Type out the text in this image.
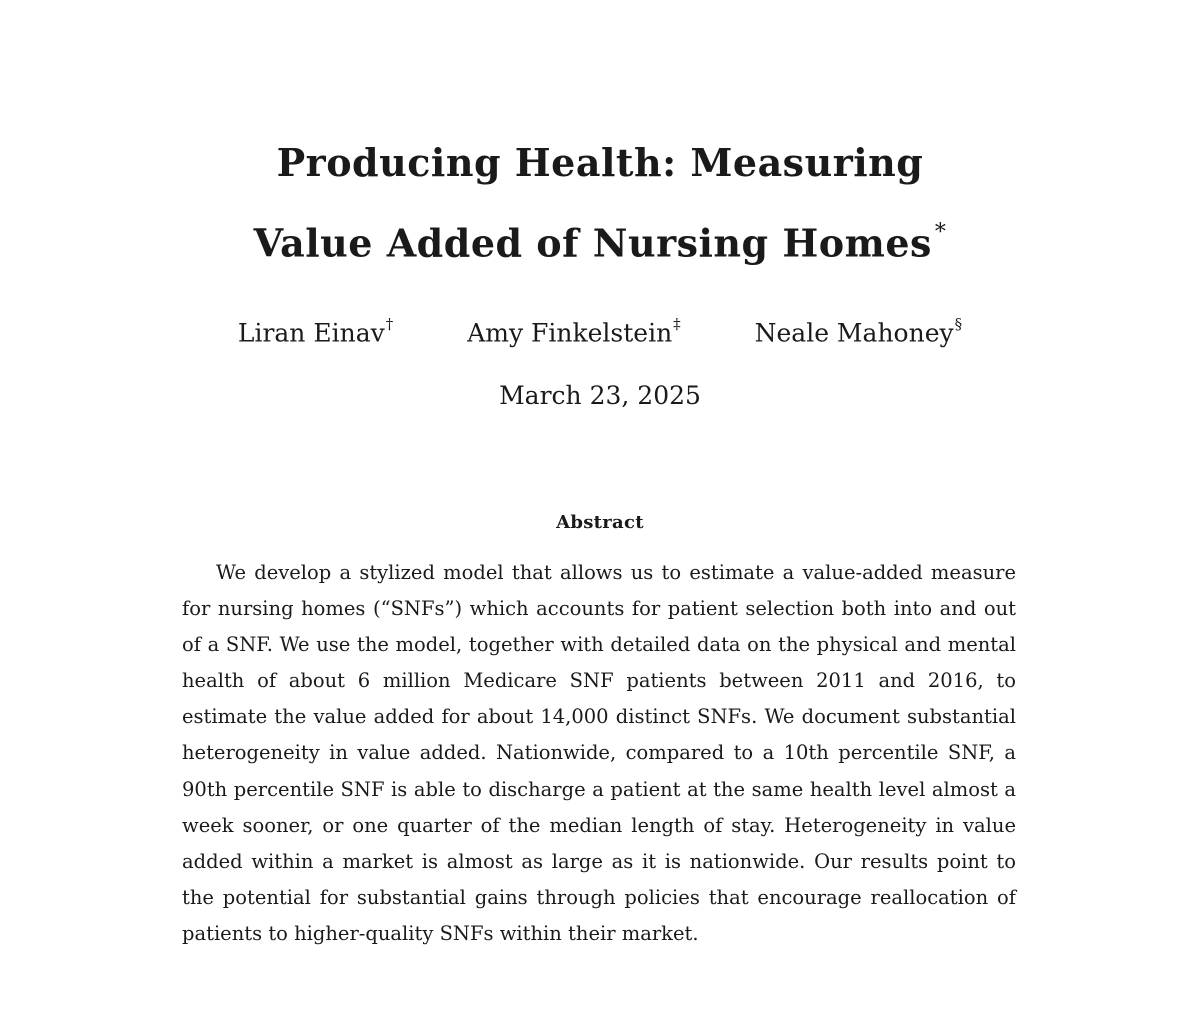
Producing Health: Measuring
Value Added of Nursing Homes *
Liran Einav†	Amy Finkelstein‡	Neale Mahoney§
March 23, 2025
Abstract

We develop a stylized model that allows us to estimate a value-added measure for nursing homes (“SNFs”) which accounts for patient selection both into and out of a SNF. We use the model, together with detailed data on the physical and mental health of about 6 million Medicare SNF patients between 2011 and 2016, to estimate the value added for about 14,000 distinct SNFs. We document substantial heterogeneity in value added. Nationwide, compared to a 10th percentile SNF, a 90th percentile SNF is able to discharge a patient at the same health level almost a week sooner, or one quarter of the median length of stay. Heterogeneity in value added within a market is almost as large as it is nationwide. Our results point to the potential for substantial gains through policies that encourage reallocation of patients to higher-quality SNFs within their market.
